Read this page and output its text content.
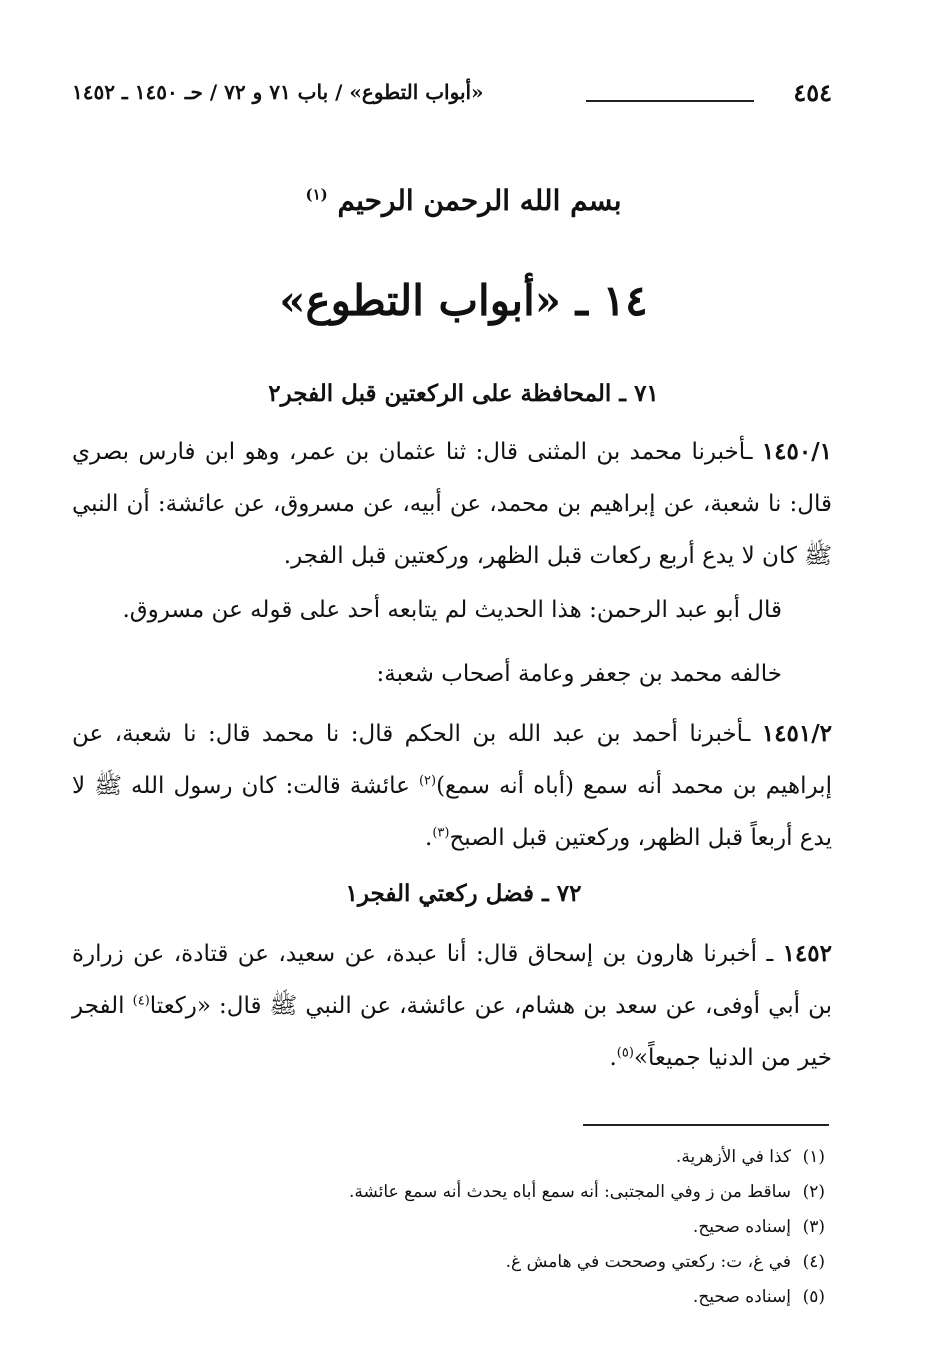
٤٥٤
«أبواب التطوع» / باب ٧١ و ٧٢ / حـ ١٤٥٠ ـ ١٤٥٢
بسم الله الرحمن الرحيم $^{(١)}$
١٤ ـ «أبواب التطوع»
٧١ ـ المحافظة على الركعتين قبل الفجر٢
١٤٥٠/١ ـأخبرنا محمد بن المثنى قال: ثنا عثمان بن عمر، وهو ابن فارس بصري قال: نا شعبة، عن إبراهيم بن محمد، عن أبيه، عن مسروق، عن عائشة: أن النبي ﷺ كان لا يدع أربع ركعات قبل الظهر، وركعتين قبل الفجر.
قال أبو عبد الرحمن: هذا الحديث لم يتابعه أحد على قوله عن مسروق.
خالفه محمد بن جعفر وعامة أصحاب شعبة:
١٤٥١/٢ ـأخبرنا أحمد بن عبد الله بن الحكم قال: نا محمد قال: نا شعبة، عن إبراهيم بن محمد أنه سمع (أباه أنه سمع)$^{(٢)}$ عائشة قالت: كان رسول الله ﷺ لا يدع أربعاً قبل الظهر، وركعتين قبل الصبح$^{(٣)}$.
٧٢ ـ فضل ركعتي الفجر١
١٤٥٢ ـ أخبرنا هارون بن إسحاق قال: أنا عبدة، عن سعيد، عن قتادة، عن زرارة بن أبي أوفى، عن سعد بن هشام، عن عائشة، عن النبي ﷺ قال: «ركعتا$^{(٤)}$ الفجر خير من الدنيا جميعاً»$^{(٥)}$.
(١)كذا في الأزهرية.
(٢)ساقط من ز وفي المجتبى: أنه سمع أباه يحدث أنه سمع عائشة.
(٣)إسناده صحيح.
(٤)في غ، ت: ركعتي وصححت في هامش غ.
(٥)إسناده صحيح.
